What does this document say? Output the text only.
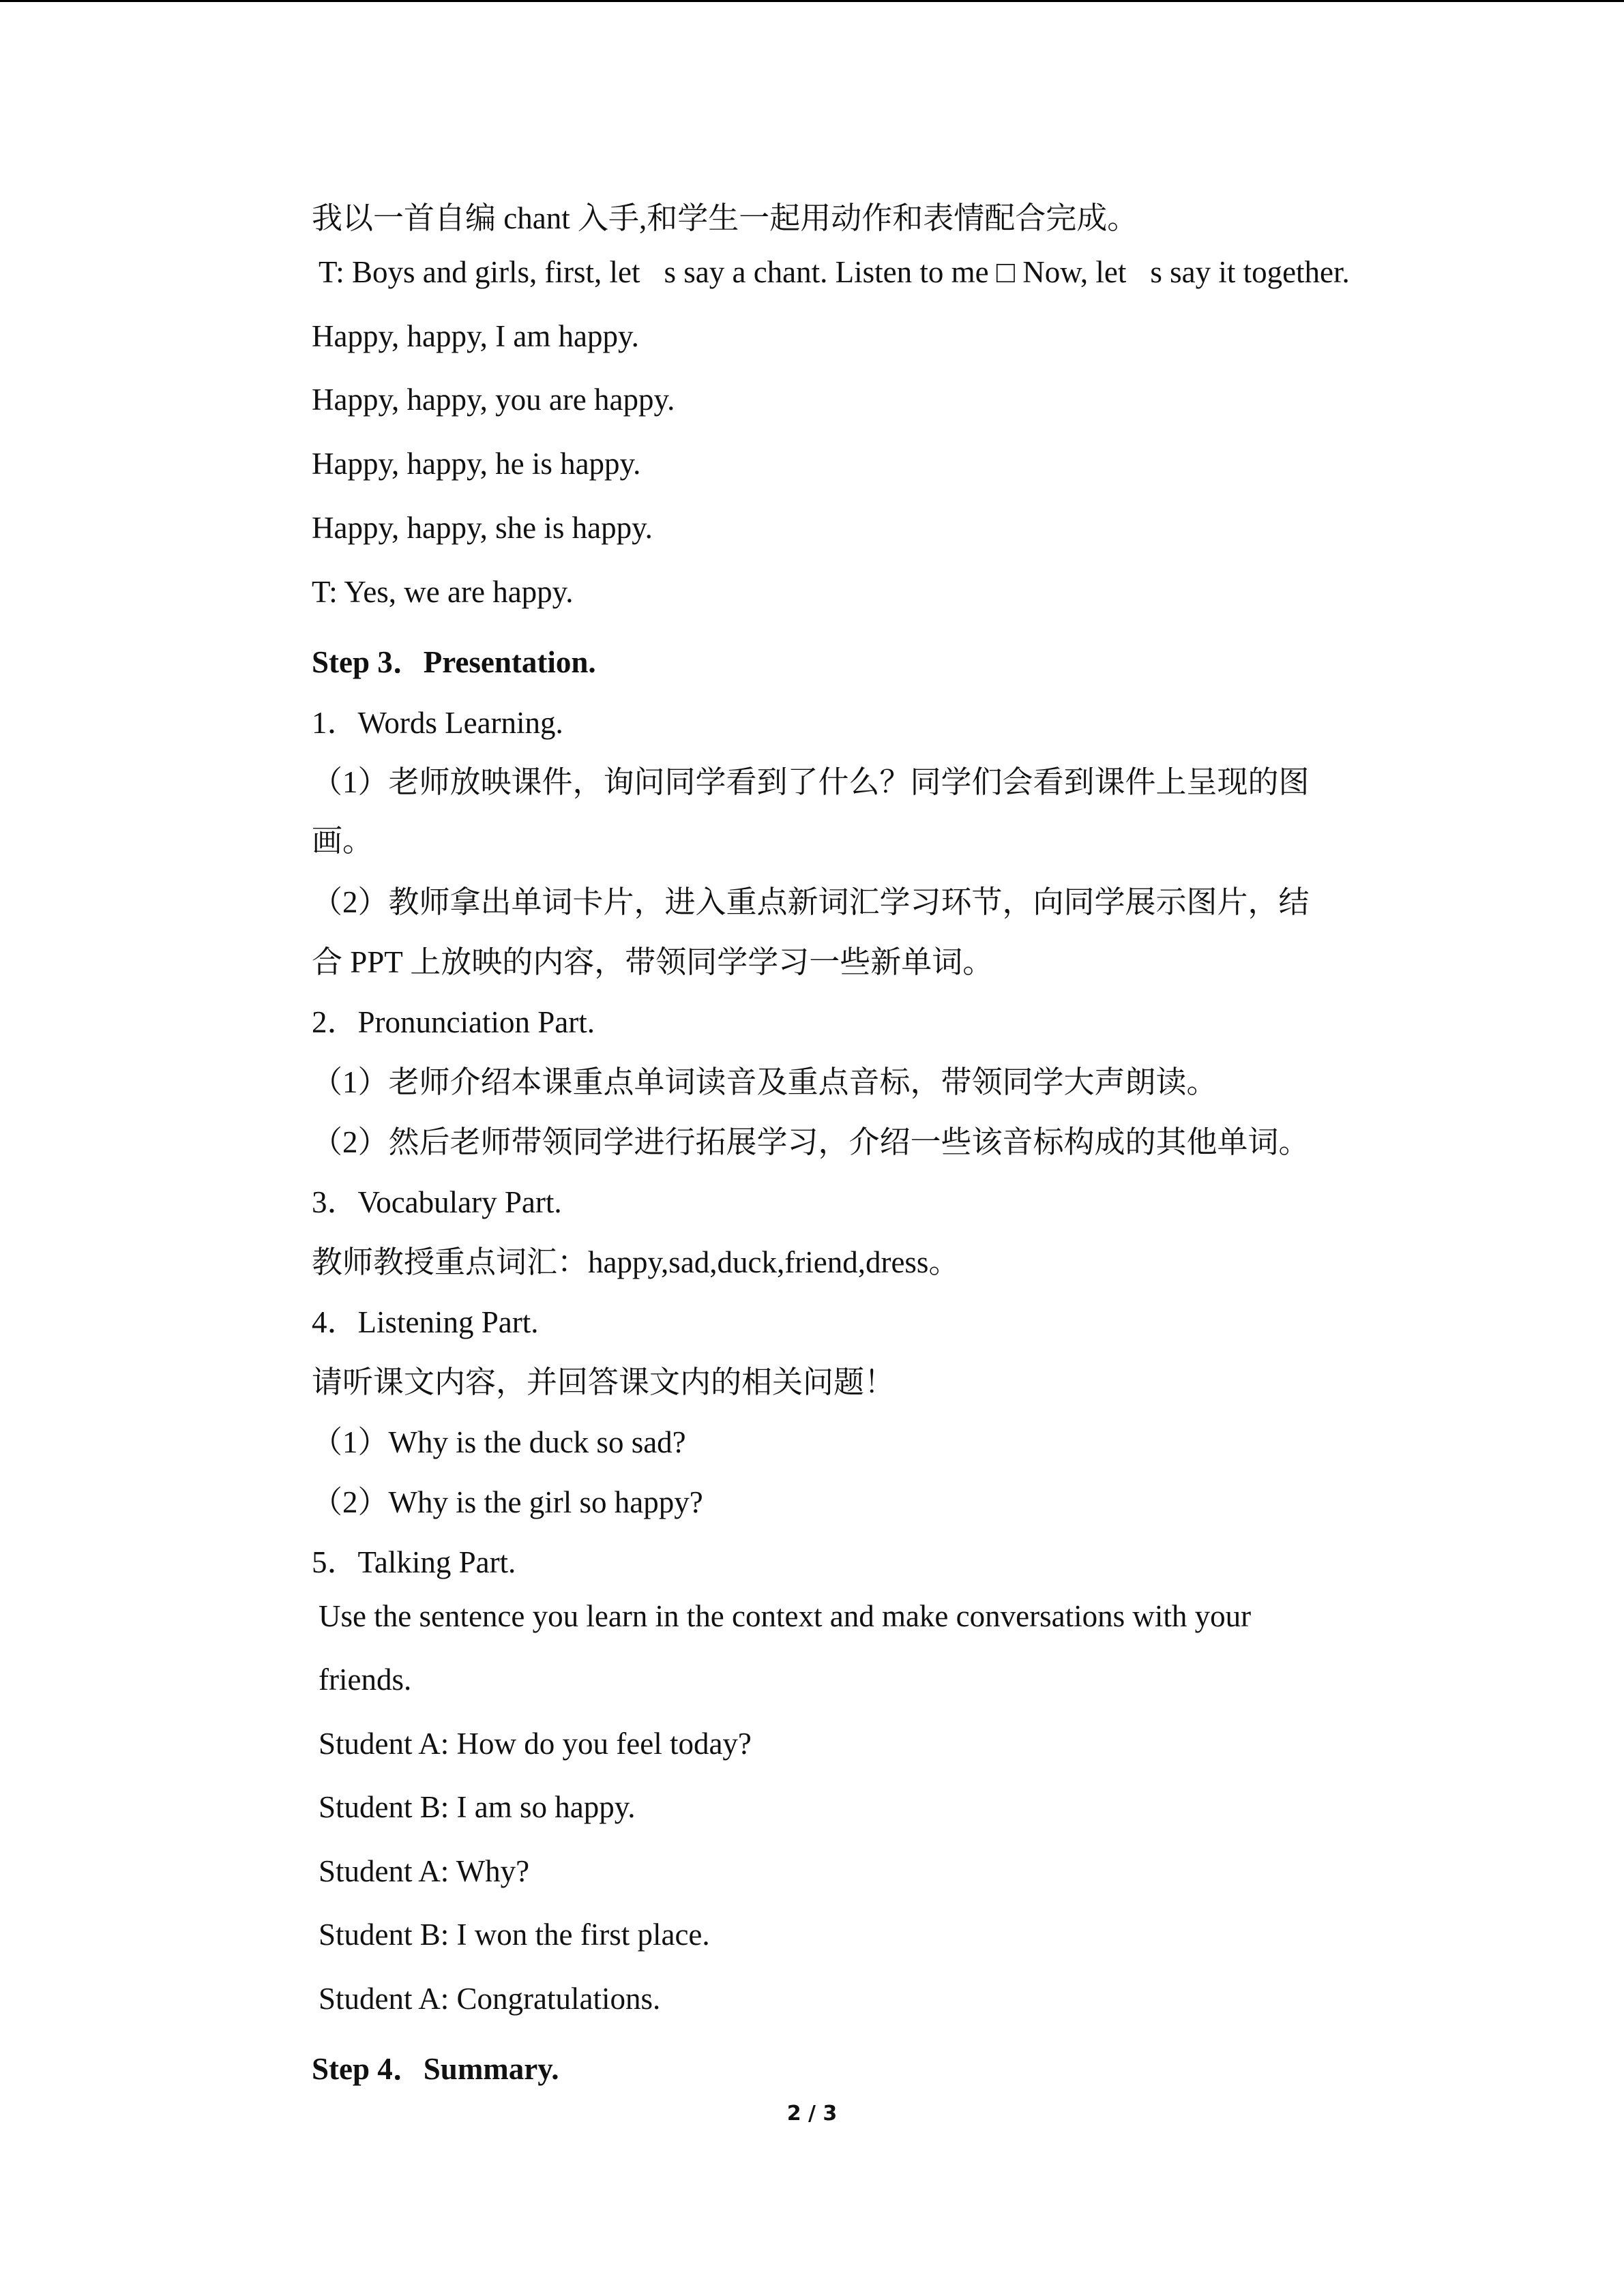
我以一首自编 chant 入手,和学生一起用动作和表情配合完成。
T: Boys and girls, first, let s say a chant. Listen to me □ Now, let s say it together.
Happy, happy, I am happy.
Happy, happy, you are happy.
Happy, happy, he is happy.
Happy, happy, she is happy.
T: Yes, we are happy.
Step 3．Presentation.
1．Words Learning.
（1）老师放映课件，询问同学看到了什么？同学们会看到课件上呈现的图
画。
（2）教师拿出单词卡片，进入重点新词汇学习环节，向同学展示图片，结
合 PPT 上放映的内容，带领同学学习一些新单词。
2．Pronunciation Part.
（1）老师介绍本课重点单词读音及重点音标，带领同学大声朗读。
（2）然后老师带领同学进行拓展学习，介绍一些该音标构成的其他单词。
3．Vocabulary Part.
教师教授重点词汇：happy,sad,duck,friend,dress。
4．Listening Part.
请听课文内容，并回答课文内的相关问题！
（1）Why is the duck so sad?
（2）Why is the girl so happy?
5．Talking Part.
Use the sentence you learn in the context and make conversations with your
friends.
Student A: How do you feel today?
Student B: I am so happy.
Student A: Why?
Student B: I won the first place.
Student A: Congratulations.
Step 4．Summary.
2 / 3
